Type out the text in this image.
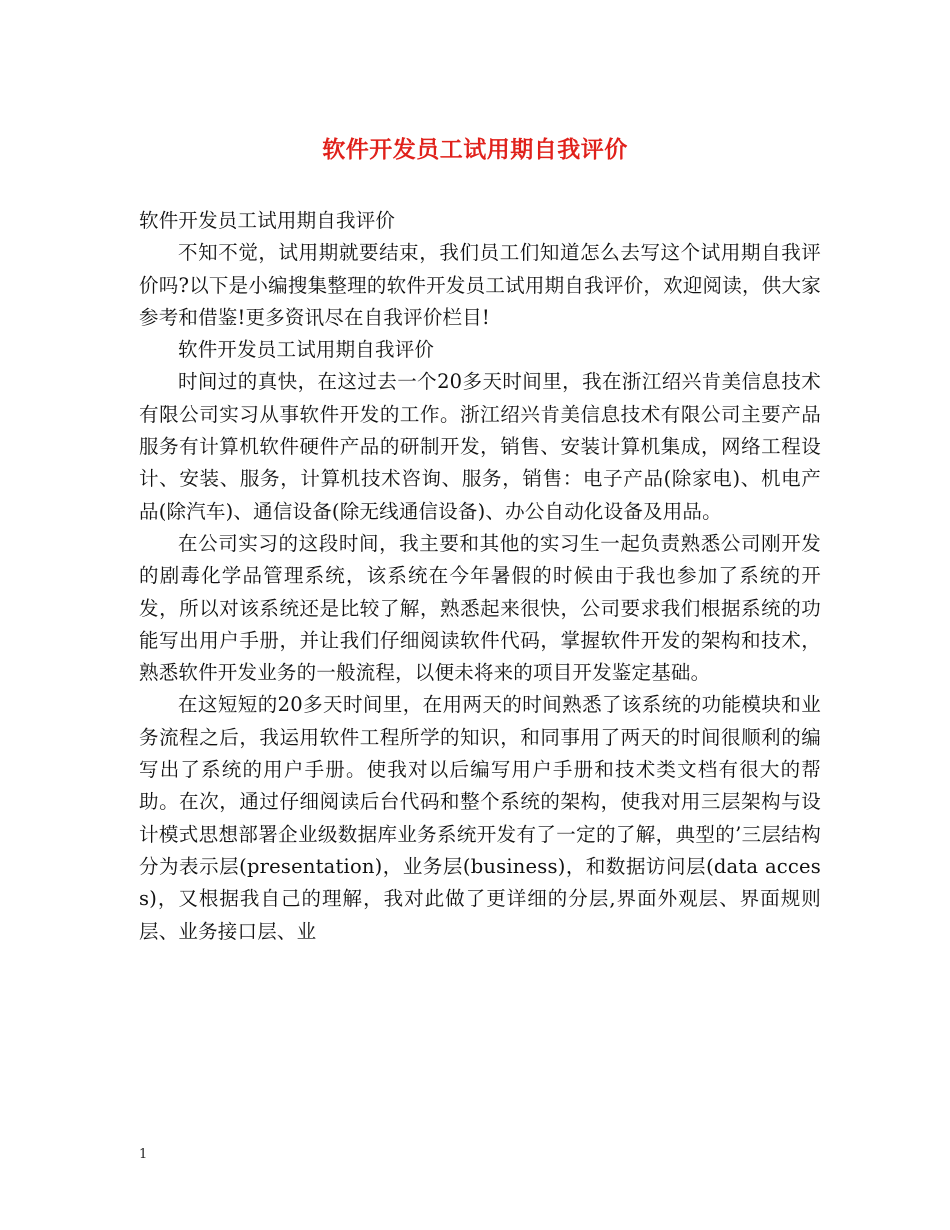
软件开发员工试用期自我评价

软件开发员工试用期自我评价

不知不觉，试用期就要结束，我们员工们知道怎么去写这个试用期自我评价吗?以下是小编搜集整理的软件开发员工试用期自我评价，欢迎阅读，供大家参考和借鉴!更多资讯尽在自我评价栏目!

软件开发员工试用期自我评价

时间过的真快，在这过去一个20多天时间里，我在浙江绍兴肯美信息技术有限公司实习从事软件开发的工作。浙江绍兴肯美信息技术有限公司主要产品服务有计算机软件硬件产品的研制开发，销售、安装计算机集成，网络工程设计、安装、服务，计算机技术咨询、服务，销售：电子产品(除家电)、机电产品(除汽车)、通信设备(除无线通信设备)、办公自动化设备及用品。

在公司实习的这段时间，我主要和其他的实习生一起负责熟悉公司刚开发的剧毒化学品管理系统，该系统在今年暑假的时候由于我也参加了系统的开发，所以对该系统还是比较了解，熟悉起来很快，公司要求我们根据系统的功能写出用户手册，并让我们仔细阅读软件代码，掌握软件开发的架构和技术，熟悉软件开发业务的一般流程，以便未将来的项目开发鉴定基础。

在这短短的20多天时间里，在用两天的时间熟悉了该系统的功能模块和业务流程之后，我运用软件工程所学的知识，和同事用了两天的时间很顺利的编写出了系统的用户手册。使我对以后编写用户手册和技术类文档有很大的帮助。在次，通过仔细阅读后台代码和整个系统的架构，使我对用三层架构与设计模式思想部署企业级数据库业务系统开发有了一定的了解，典型的’三层结构分为表示层(presentation)，业务层(business)，和数据访问层(data access)，又根据我自己的理解，我对此做了更详细的分层,界面外观层、界面规则层、业务接口层、业

1
